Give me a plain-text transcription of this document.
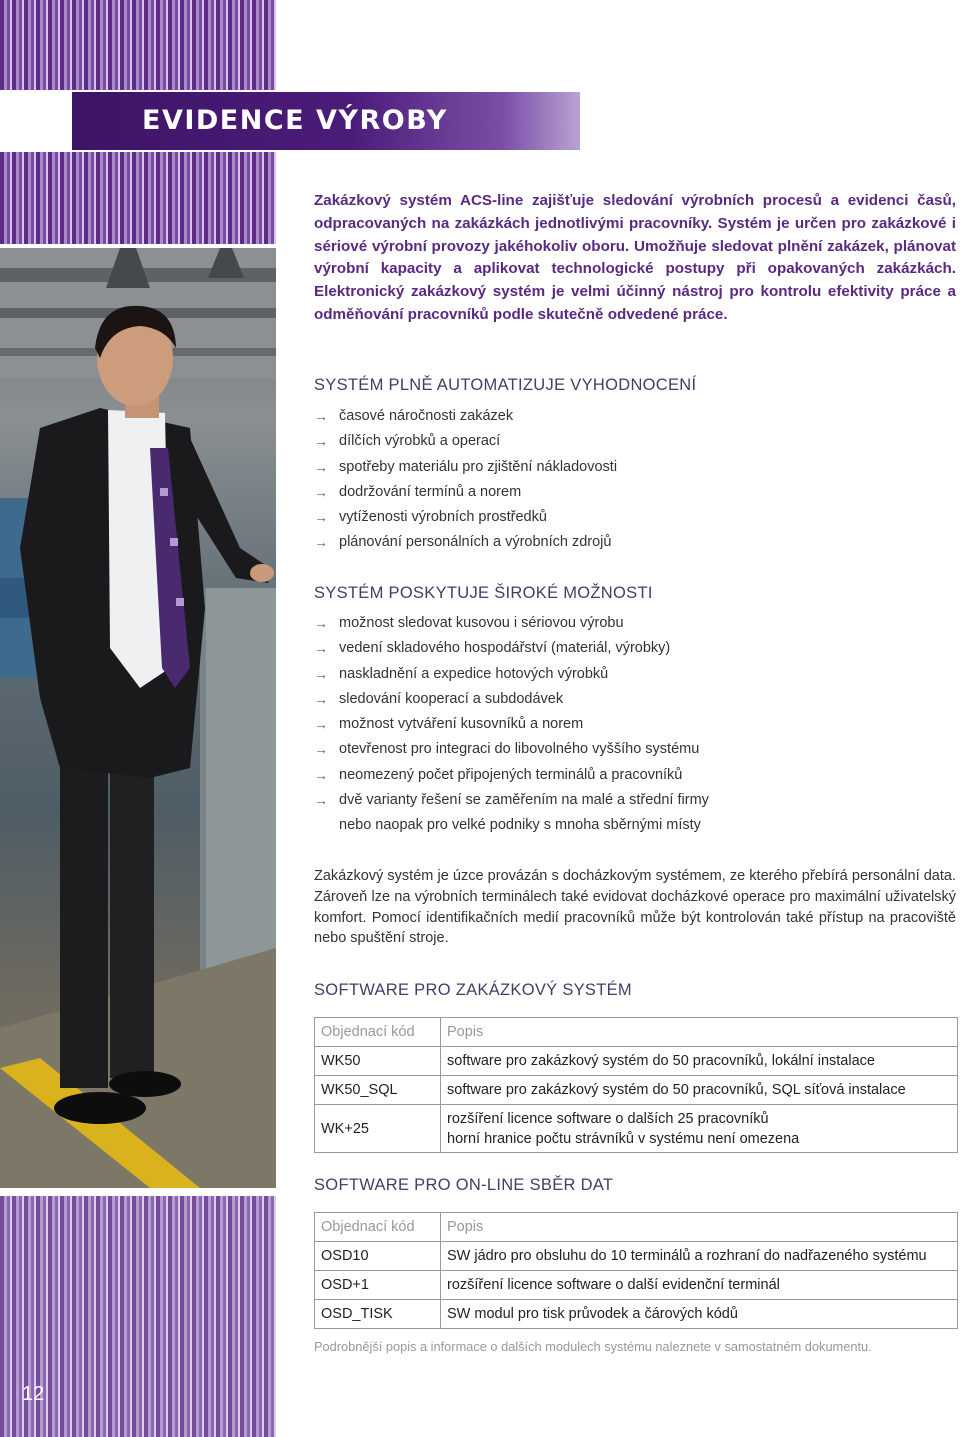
EVIDENCE VÝROBY
12

Zakázkový systém ACS-line zajišťuje sledování výrobních procesů a evidenci časů, odpracovaných na zakázkách jednotlivými pracovníky. Systém je určen pro zakázkové i sériové výrobní provozy jakéhokoliv oboru. Umožňuje sledovat plnění zakázek, plánovat výrobní kapacity a aplikovat technologické postupy při opakovaných zakázkách. Elektronický zakázkový systém je velmi účinný nástroj pro kontrolu efektivity práce a odměňování pracovníků podle skutečně odvedené práce.

SYSTÉM PLNĚ AUTOMATIZUJE VYHODNOCENÍ
→ časové náročnosti zakázek
→ dílčích výrobků a operací
→ spotřeby materiálu pro zjištění nákladovosti
→ dodržování termínů a norem
→ vytíženosti výrobních prostředků
→ plánování personálních a výrobních zdrojů
SYSTÉM POSKYTUJE ŠIROKÉ MOŽNOSTI
→ možnost sledovat kusovou i sériovou výrobu
→ vedení skladového hospodářství (materiál, výrobky)
→ naskladnění a expedice hotových výrobků
→ sledování kooperací a subdodávek
→ možnost vytváření kusovníků a norem
→ otevřenost pro integraci do libovolného vyššího systému
→ neomezený počet připojených terminálů a pracovníků
→ dvě varianty řešení se zaměřením na malé a střední firmy
nebo naopak pro velké podniky s mnoha sběrnými místy

Zakázkový systém je úzce provázán s docházkovým systémem, ze kterého přebírá personální data. Zároveň lze na výrobních terminálech také evidovat docházkové operace pro maximální uživatelský komfort. Pomocí identifikačních medií pracovníků může být kontrolován také přístup na pracoviště nebo spuštění stroje.

SOFTWARE PRO ZAKÁZKOVÝ SYSTÉM
Objednací kód	Popis
WK50	software pro zakázkový systém do 50 pracovníků, lokální instalace
WK50_SQL	software pro zakázkový systém do 50 pracovníků, SQL síťová instalace
WK+25	rozšíření licence software o dalších 25 pracovníků
horní hranice počtu strávníků v systému není omezena
SOFTWARE PRO ON-LINE SBĚR DAT
Objednací kód	Popis
OSD10	SW jádro pro obsluhu do 10 terminálů a rozhraní do nadřazeného systému
OSD+1	rozšíření licence software o další evidenční terminál
OSD_TISK	SW modul pro tisk průvodek a čárových kódů
Podrobnější popis a informace o dalších modulech systému naleznete v samostatném dokumentu.
